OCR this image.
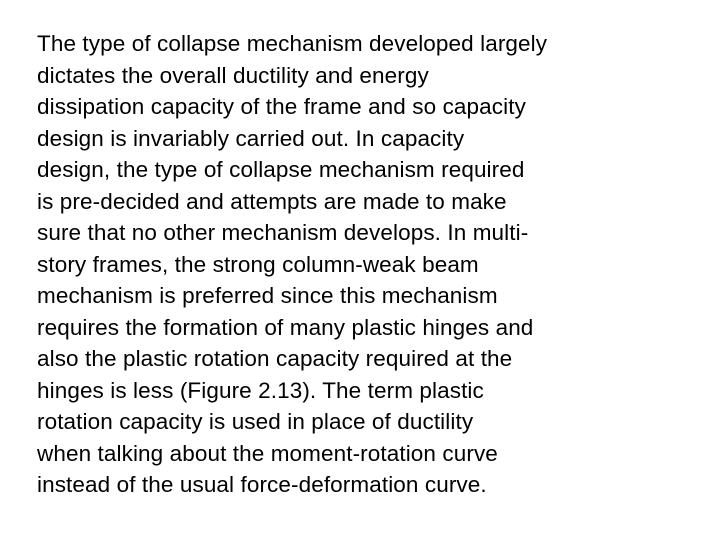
The type of collapse mechanism developed largely
dictates the overall ductility and energy
dissipation capacity of the frame and so capacity
design is invariably carried out. In capacity
design, the type of collapse mechanism required
is pre-decided and attempts are made to make
sure that no other mechanism develops. In multi-
story frames, the strong column-weak beam
mechanism is preferred since this mechanism
requires the formation of many plastic hinges and
also the plastic rotation capacity required at the
hinges is less (Figure 2.13). The term plastic
rotation capacity is used in place of ductility
when talking about the moment-rotation curve
instead of the usual force-deformation curve.
